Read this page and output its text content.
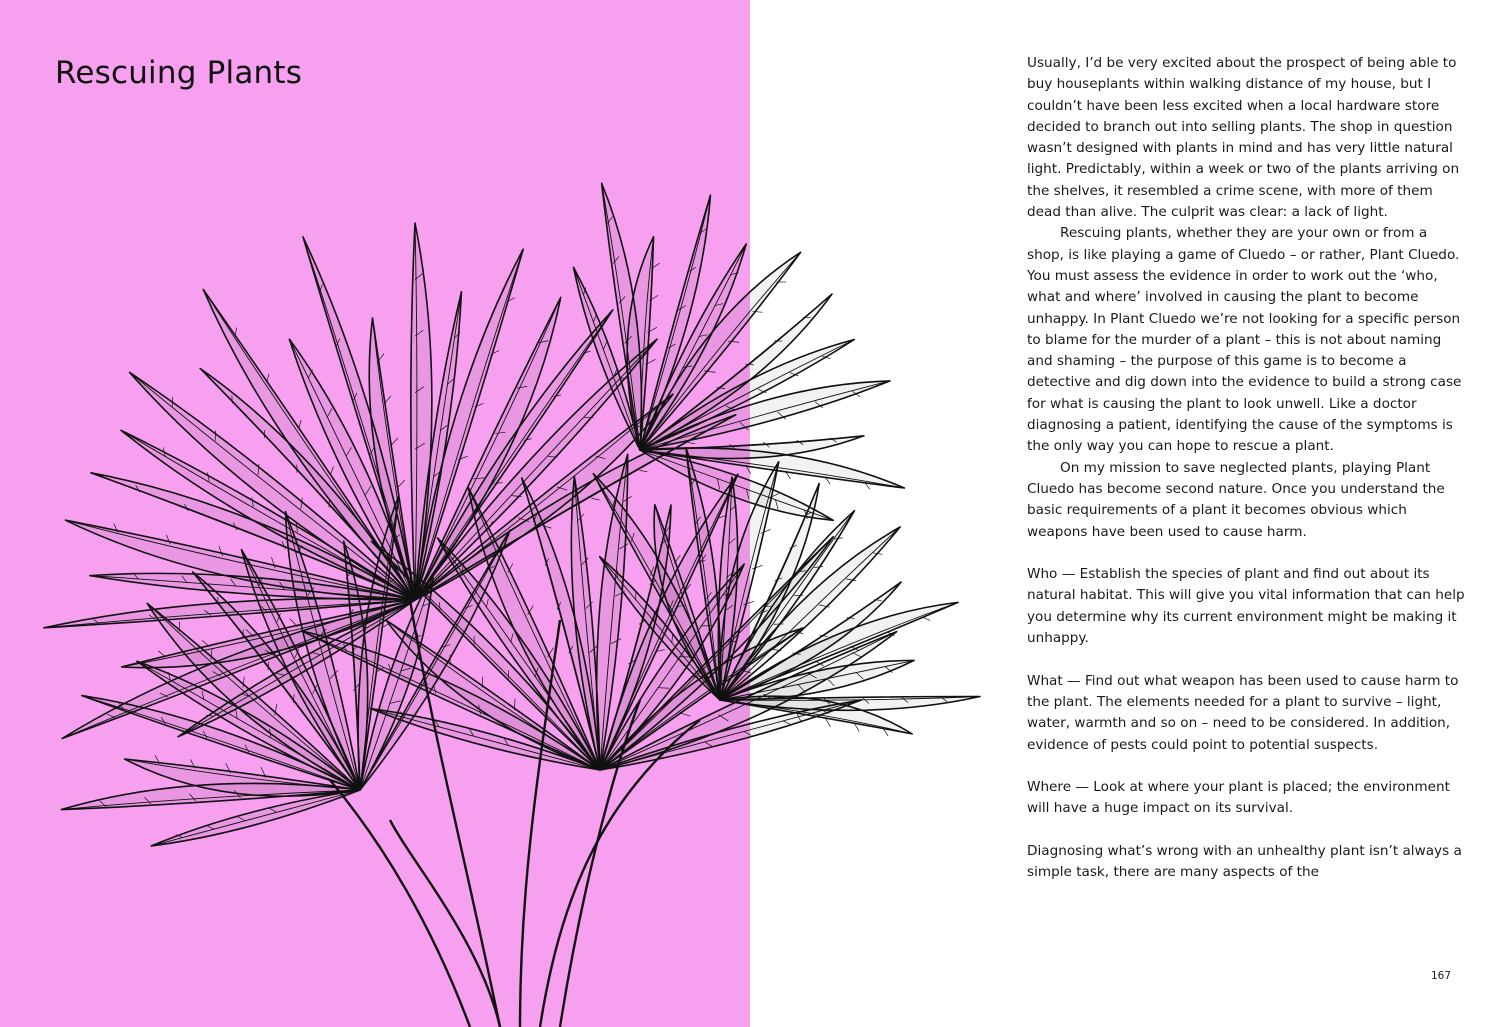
Rescuing Plants	Usually, I’d be very excited about the prospect of being able to buy houseplants within walking distance of my house, but I couldn’t have been less excited when a local hardware store decided to branch out into selling plants. The shop in question wasn’t designed with plants in mind and has very little natural light. Predictably, within a week or two of the plants arriving on the shelves, it resembled a crime scene, with more of them dead than alive. The culprit was clear: a lack of light.

Rescuing plants, whether they are your own or from a shop, is like playing a game of Cluedo – or rather, Plant Cluedo. You must assess the evidence in order to work out the ‘who, what and where’ involved in causing the plant to become unhappy. In Plant Cluedo we’re not looking for a specific person to blame for the murder of a plant – this is not about naming and shaming – the purpose of this game is to become a detective and dig down into the evidence to build a strong case for what is causing the plant to look unwell. Like a doctor diagnosing a patient, identifying the cause of the symptoms is the only way you can hope to rescue a plant.

On my mission to save neglected plants, playing Plant Cluedo has become second nature. Once you understand the basic requirements of a plant it becomes obvious which weapons have been used to cause harm.

Who — Establish the species of plant and find out about its natural habitat. This will give you vital information that can help you determine why its current environment might be making it unhappy.

What — Find out what weapon has been used to cause harm to the plant. The elements needed for a plant to survive – light, water, warmth and so on – need to be considered. In addition, evidence of pests could point to potential suspects.

Where — Look at where your plant is placed; the environment will have a huge impact on its survival.

Diagnosing what’s wrong with an unhealthy plant isn’t always a simple task, there are many aspects of the

167
